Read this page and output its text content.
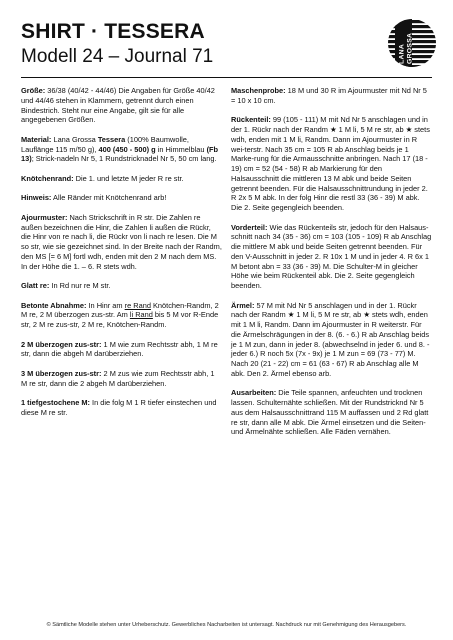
SHIRT · TESSERA
Modell 24 – Journal 71	LANA GROSSA

Größe: 36/38 (40/42 - 44/46) Die Angaben für Größe 40/42 und 44/46 stehen in Klammern, getrennt durch einen Bindestrich. Steht nur eine Angabe, gilt sie für alle angegebenen Größen.

Material: Lana Grossa Tessera (100% Baumwolle, Lauflänge 115 m/50 g), 400 (450 - 500) g in Himmelblau (Fb 13); Strick-nadeln Nr 5, 1 Rundstricknadel Nr 5, 50 cm lang.

Knötchenrand: Die 1. und letzte M jeder R re str.

Hinweis: Alle Ränder mit Knötchenrand arb!

Ajourmuster: Nach Strickschrift in R str. Die Zahlen re außen bezeichnen die Hinr, die Zahlen li außen die Rückr, die Hinr von re nach li, die Rückr von li nach re lesen. Die M so str, wie sie gezeichnet sind. In der Breite nach der Randm, den MS [= 6 M] fortl wdh, enden mit den 2 M nach dem MS. In der Höhe die 1. – 6. R stets wdh.

Glatt re: In Rd nur re M str.

Betonte Abnahme: In Hinr am re Rand Knötchen-Randm, 2 M re, 2 M überzogen zus-str. Am li Rand bis 5 M vor R-Ende str, 2 M re zus-str, 2 M re, Knötchen-Randm.

2 M überzogen zus-str: 1 M wie zum Rechtsstr abh, 1 M re str, dann die abgeh M darüberziehen.

3 M überzogen zus-str: 2 M zus wie zum Rechtsstr abh, 1 M re str, dann die 2 abgeh M darüberziehen.

1 tiefgestochene M: In die folg M 1 R tiefer einstechen und diese M re str.

Maschenprobe: 18 M und 30 R im Ajourmuster mit Nd Nr 5 = 10 x 10 cm.

Rückenteil: 99 (105 - 111) M mit Nd Nr 5 anschlagen und in der 1. Rückr nach der Randm ★ 1 M li, 5 M re str, ab ★ stets wdh, enden mit 1 M li, Randm. Dann im Ajourmuster in R wei-terstr. Nach 35 cm = 105 R ab Anschlag beids je 1 Marke-rung für die Armausschnitte anbringen. Nach 17 (18 - 19) cm = 52 (54 - 58) R ab Markierung für den Halsausschnitt die mittleren 13 M abk und beide Seiten getrennt beenden. Für die Halsausschnittrundung in jeder 2. R 2x 5 M abk. In der folg Hinr die restl 33 (36 - 39) M abk. Die 2. Seite gegengleich beenden.

Vorderteil: Wie das Rückenteils str, jedoch für den Halsaus-schnitt nach 34 (35 - 36) cm = 103 (105 - 109) R ab Anschlag die mittlere M abk und beide Seiten getrennt beenden. Für den V-Ausschnitt in jeder 2. R 10x 1 M und in jeder 4. R 6x 1 M betont abn = 33 (36 - 39) M. Die Schulter-M in gleicher Höhe wie beim Rückenteil abk. Die 2. Seite gegengleich beenden.

Ärmel: 57 M mit Nd Nr 5 anschlagen und in der 1. Rückr nach der Randm ★ 1 M li, 5 M re str, ab ★ stets wdh, enden mit 1 M li, Randm. Dann im Ajourmuster in R weiterstr. Für die Ärmelschrägungen in der 8. (6. - 6.) R ab Anschlag beids je 1 M zun, dann in jeder 8. (abwechselnd in jeder 6. und 8. - jeder 6.) R noch 5x (7x - 9x) je 1 M zun = 69 (73 - 77) M. Nach 20 (21 - 22) cm = 61 (63 - 67) R ab Anschlag alle M abk. Den 2. Ärmel ebenso arb.

Ausarbeiten: Die Teile spannen, anfeuchten und trocknen lassen. Schulternähte schließen. Mit der Rundstricknd Nr 5 aus dem Halsausschnittrand 115 M auffassen und 2 Rd glatt re str, dann alle M abk. Die Ärmel einsetzen und die Seiten-und Ärmelnähte schließen. Alle Fäden vernähen.

© Sämtliche Modelle stehen unter Urheberschutz. Gewerbliches Nacharbeiten ist untersagt. Nachdruck nur mit Genehmigung des Herausgebers.
